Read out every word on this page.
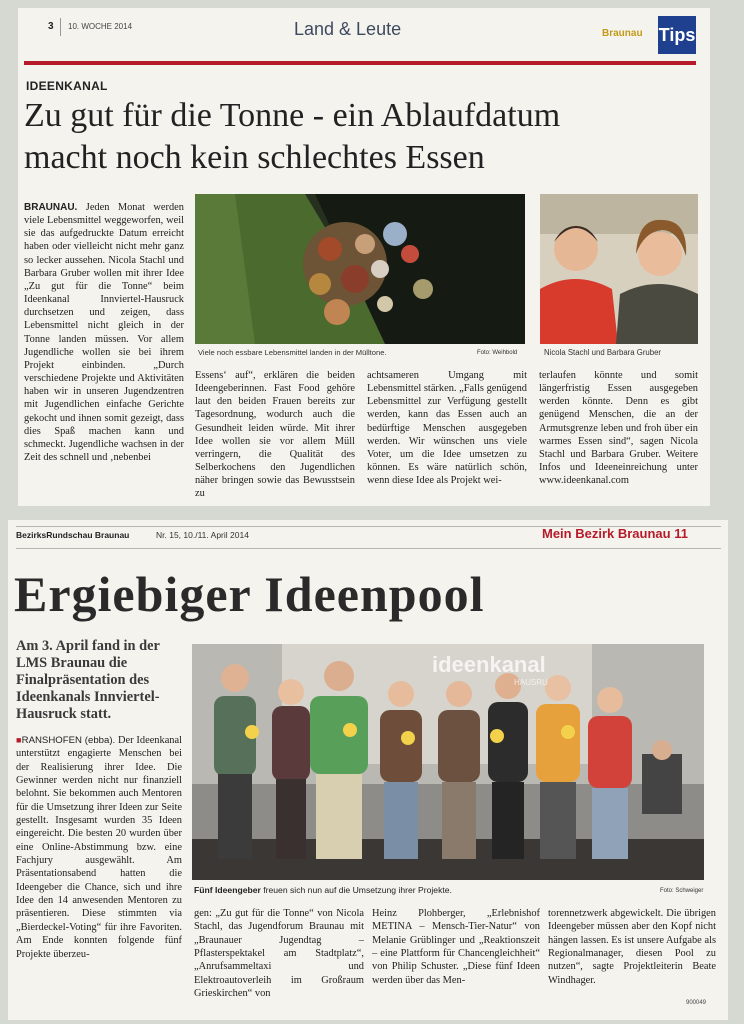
3 10. WOCHE 2014	Land & Leute	Braunau Tips
IDEENKANAL
Zu gut für die Tonne - ein Ablaufdatum
macht noch kein schlechtes Essen
BRAUNAU. Jeden Monat werden viele Lebensmittel weggeworfen, weil sie das aufgedruckte Datum erreicht haben oder vielleicht nicht mehr ganz so lecker aussehen. Nicola Stachl und Barbara Gruber wollen mit ihrer Idee „Zu gut für die Tonne“ beim Ideenkanal Innviertel-Hausruck durchsetzen und zeigen, dass Lebensmittel nicht gleich in der Tonne landen müssen. Vor allem Jugendliche wollen sie bei ihrem Projekt einbinden. „Durch verschiedene Projekte und Aktivitäten haben wir in unseren Jugendzentren mit Jugendlichen einfache Gerichte gekocht und ihnen somit gezeigt, dass dies Spaß machen kann und schmeckt. Jugendliche wachsen in der Zeit des schnell und ‚nebenbei
Viele noch essbare Lebensmittel landen in der Mülltone.	Foto: Weihbold	Nicola Stachl und Barbara Gruber
Essens‘ auf“, erklären die beiden Ideengeberinnen. Fast Food gehöre laut den beiden Frauen bereits zur Tagesordnung, wodurch auch die Gesundheit leiden würde. Mit ihrer Idee wollen sie vor allem Müll verringern, die Qualität des Selberkochens den Jugendlichen näher bringen sowie das Bewusstsein zu
achtsameren Umgang mit Lebensmittel stärken. „Falls genügend Lebensmittel zur Verfügung gestellt werden, kann das Essen auch an bedürftige Menschen ausgegeben werden. Wir wünschen uns viele Voter, um die Idee umsetzen zu können. Es wäre natürlich schön, wenn diese Idee als Projekt wei-
terlaufen könnte und somit längerfristig Essen ausgegeben werden könnte. Denn es gibt genügend Menschen, die an der Armutsgrenze leben und froh über ein warmes Essen sind“, sagen Nicola Stachl und Barbara Gruber. Weitere Infos und Ideeneinreichung unter www.ideenkanal.com
BezirksRundschau Braunau	Nr. 15, 10./11. April 2014	Mein Bezirk Braunau 11
Ergiebiger Ideenpool
Am 3. April fand in der LMS Braunau die Finalpräsentation des Ideenkanals Innviertel-Hausruck statt.
■RANSHOFEN (ebba). Der Ideenkanal unterstützt engagierte Menschen bei der Realisierung ihrer Idee. Die Gewinner werden nicht nur finanziell belohnt. Sie bekommen auch Mentoren für die Umsetzung ihrer Ideen zur Seite gestellt. Insgesamt wurden 35 Ideen eingereicht. Die besten 20 wurden über eine Online-Abstimmung bzw. eine Fachjury ausgewählt. Am Präsentationsabend hatten die Ideengeber die Chance, sich und ihre Idee den 14 anwesenden Mentoren zu präsentieren. Diese stimmten via „Bierdeckel-Voting“ für ihre Favoriten. Am Ende konnten folgende fünf Projekte überzeu-
ideenkanal
HAUSRU
Fünf Ideengeber freuen sich nun auf die Umsetzung ihrer Projekte.	Foto: Schweiger
gen: „Zu gut für die Tonne“ von Nicola Stachl, das Jugendforum Braunau mit „Braunauer Jugendtag – Pflasterspektakel am Stadtplatz“, „Anrufsammeltaxi und Elektroautoverleih im Großraum Grieskirchen“ von
Heinz Plohberger, „Erlebnishof METINA – Mensch-Tier-Natur“ von Melanie Grüblinger und „Reaktionszeit – eine Plattform für Chancengleichheit“ von Philip Schuster. „Diese fünf Ideen werden über das Men-
torennetzwerk abgewickelt. Die übrigen Ideengeber müssen aber den Kopf nicht hängen lassen. Es ist unsere Aufgabe als Regionalmanager, diesen Pool zu nutzen“, sagte Projektleiterin Beate Windhager.
900049
